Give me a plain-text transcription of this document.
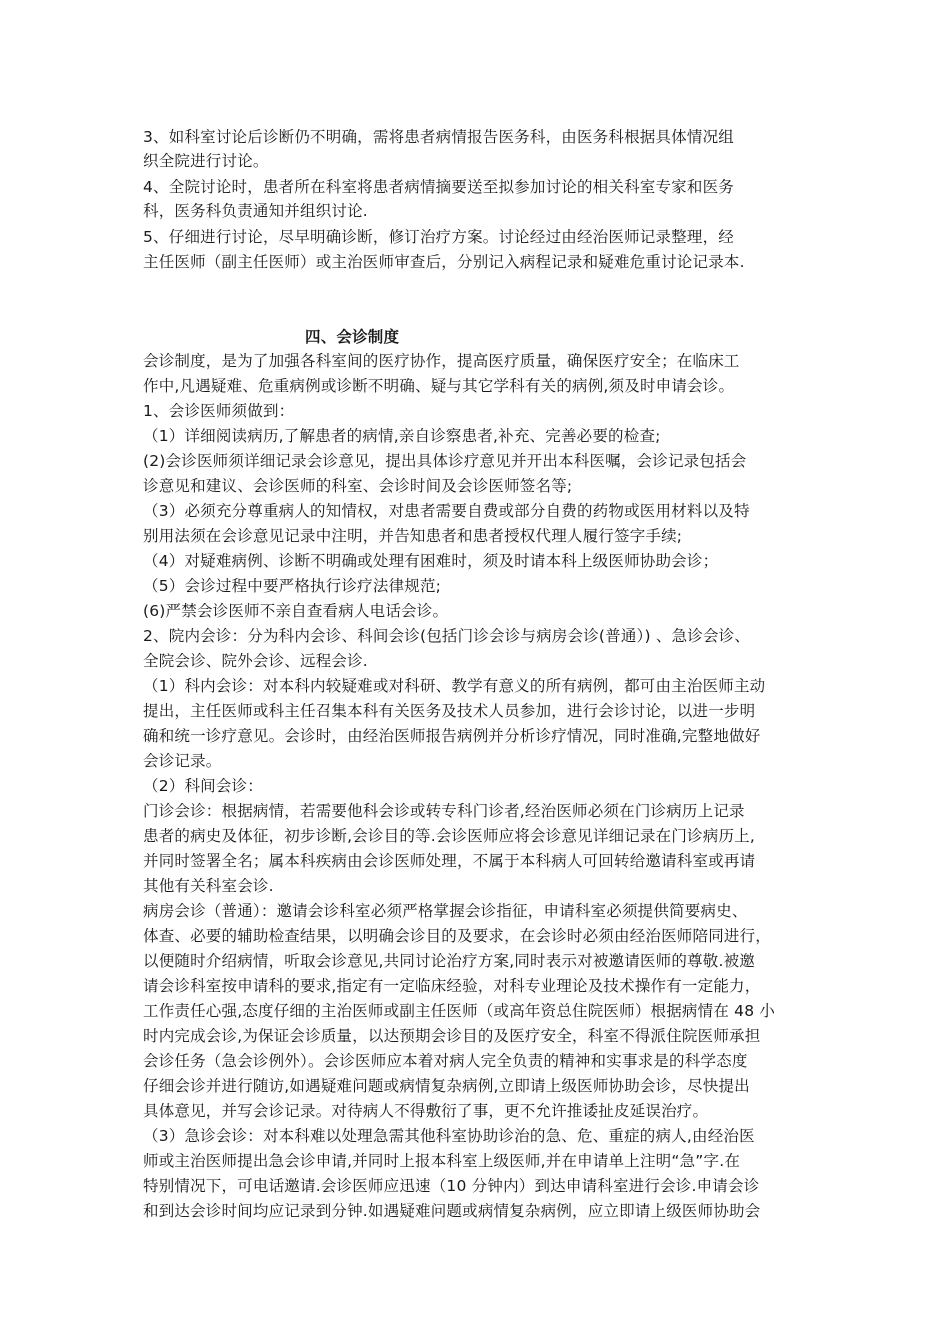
3、如科室讨论后诊断仍不明确，需将患者病情报告医务科，由医务科根据具体情况组
织全院进行讨论。
4、全院讨论时，患者所在科室将患者病情摘要送至拟参加讨论的相关科室专家和医务
科，医务科负责通知并组织讨论.
5、仔细进行讨论，尽早明确诊断，修订治疗方案。讨论经过由经治医师记录整理，经
主任医师（副主任医师）或主治医师审查后，分别记入病程记录和疑难危重讨论记录本.
四、会诊制度
会诊制度，是为了加强各科室间的医疗协作，提高医疗质量，确保医疗安全；在临床工
作中,凡遇疑难、危重病例或诊断不明确、疑与其它学科有关的病例,须及时申请会诊。
1、会诊医师须做到：
（1）详细阅读病历,了解患者的病情,亲自诊察患者,补充、完善必要的检查;
(2)会诊医师须详细记录会诊意见，提出具体诊疗意见并开出本科医嘱，会诊记录包括会
诊意见和建议、会诊医师的科室、会诊时间及会诊医师签名等;
（3）必须充分尊重病人的知情权，对患者需要自费或部分自费的药物或医用材料以及特
别用法须在会诊意见记录中注明，并告知患者和患者授权代理人履行签字手续;
（4）对疑难病例、诊断不明确或处理有困难时，须及时请本科上级医师协助会诊；
（5）会诊过程中要严格执行诊疗法律规范;
(6)严禁会诊医师不亲自查看病人电话会诊。
2、院内会诊：分为科内会诊、科间会诊(包括门诊会诊与病房会诊(普通）) 、急诊会诊、
全院会诊、院外会诊、远程会诊.
（1）科内会诊：对本科内较疑难或对科研、教学有意义的所有病例，都可由主治医师主动
提出，主任医师或科主任召集本科有关医务及技术人员参加，进行会诊讨论，以进一步明
确和统一诊疗意见。会诊时，由经治医师报告病例并分析诊疗情况，同时准确,完整地做好
会诊记录。
（2）科间会诊：
门诊会诊：根据病情，若需要他科会诊或转专科门诊者,经治医师必须在门诊病历上记录
患者的病史及体征，初步诊断,会诊目的等.会诊医师应将会诊意见详细记录在门诊病历上,
并同时签署全名；属本科疾病由会诊医师处理，不属于本科病人可回转给邀请科室或再请
其他有关科室会诊.
病房会诊（普通）：邀请会诊科室必须严格掌握会诊指征，申请科室必须提供简要病史、
体查、必要的辅助检查结果，以明确会诊目的及要求，在会诊时必须由经治医师陪同进行，
以便随时介绍病情，听取会诊意见,共同讨论治疗方案,同时表示对被邀请医师的尊敬.被邀
请会诊科室按申请科的要求,指定有一定临床经验，对科专业理论及技术操作有一定能力，
工作责任心强,态度仔细的主治医师或副主任医师（或高年资总住院医师）根据病情在 48 小
时内完成会诊,为保证会诊质量，以达预期会诊目的及医疗安全，科室不得派住院医师承担
会诊任务（急会诊例外）。会诊医师应本着对病人完全负责的精神和实事求是的科学态度
仔细会诊并进行随访,如遇疑难问题或病情复杂病例,立即请上级医师协助会诊，尽快提出
具体意见，并写会诊记录。对待病人不得敷衍了事，更不允许推诿扯皮延误治疗。
（3）急诊会诊：对本科难以处理急需其他科室协助诊治的急、危、重症的病人,由经治医
师或主治医师提出急会诊申请,并同时上报本科室上级医师,并在申请单上注明“急”字.在
特别情况下，可电话邀请.会诊医师应迅速（10 分钟内）到达申请科室进行会诊.申请会诊
和到达会诊时间均应记录到分钟.如遇疑难问题或病情复杂病例，应立即请上级医师协助会
